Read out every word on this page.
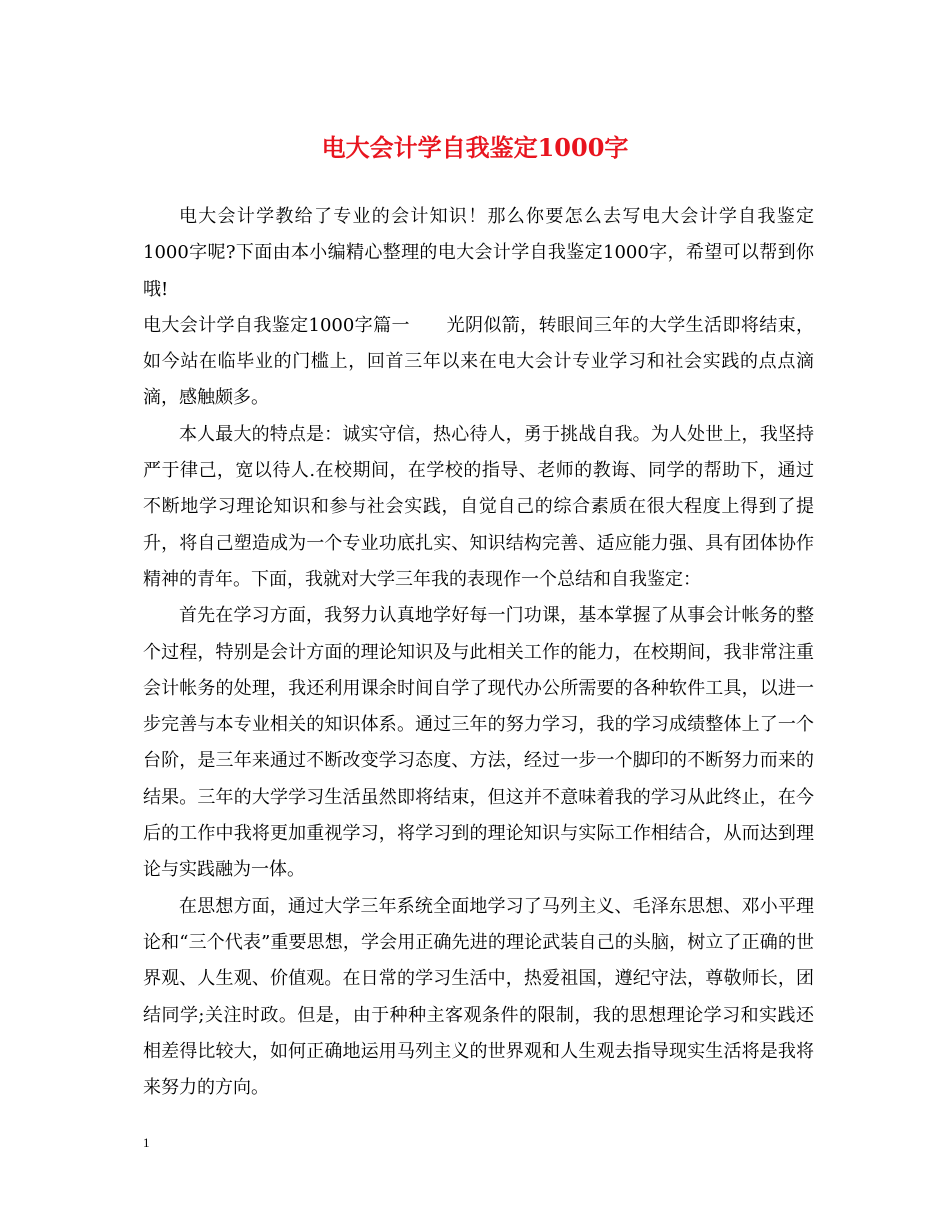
电大会计学自我鉴定1000字

电大会计学教给了专业的会计知识！那么你要怎么去写电大会计学自我鉴定1000字呢?下面由本小编精心整理的电大会计学自我鉴定1000字，希望可以帮到你哦!

电大会计学自我鉴定1000字篇一　　光阴似箭，转眼间三年的大学生活即将结束，如今站在临毕业的门槛上，回首三年以来在电大会计专业学习和社会实践的点点滴滴，感触颇多。

本人最大的特点是：诚实守信，热心待人，勇于挑战自我。为人处世上，我坚持严于律己，宽以待人.在校期间，在学校的指导、老师的教诲、同学的帮助下，通过不断地学习理论知识和参与社会实践，自觉自己的综合素质在很大程度上得到了提升，将自己塑造成为一个专业功底扎实、知识结构完善、适应能力强、具有团体协作精神的青年。下面，我就对大学三年我的表现作一个总结和自我鉴定：

首先在学习方面，我努力认真地学好每一门功课，基本掌握了从事会计帐务的整个过程，特别是会计方面的理论知识及与此相关工作的能力，在校期间，我非常注重会计帐务的处理，我还利用课余时间自学了现代办公所需要的各种软件工具，以进一步完善与本专业相关的知识体系。通过三年的努力学习，我的学习成绩整体上了一个台阶，是三年来通过不断改变学习态度、方法，经过一步一个脚印的不断努力而来的结果。三年的大学学习生活虽然即将结束，但这并不意味着我的学习从此终止，在今后的工作中我将更加重视学习，将学习到的理论知识与实际工作相结合，从而达到理论与实践融为一体。

在思想方面，通过大学三年系统全面地学习了马列主义、毛泽东思想、邓小平理论和“三个代表”重要思想，学会用正确先进的理论武装自己的头脑，树立了正确的世界观、人生观、价值观。在日常的学习生活中，热爱祖国，遵纪守法，尊敬师长，团结同学;关注时政。但是，由于种种主客观条件的限制，我的思想理论学习和实践还相差得比较大，如何正确地运用马列主义的世界观和人生观去指导现实生活将是我将来努力的方向。

1
